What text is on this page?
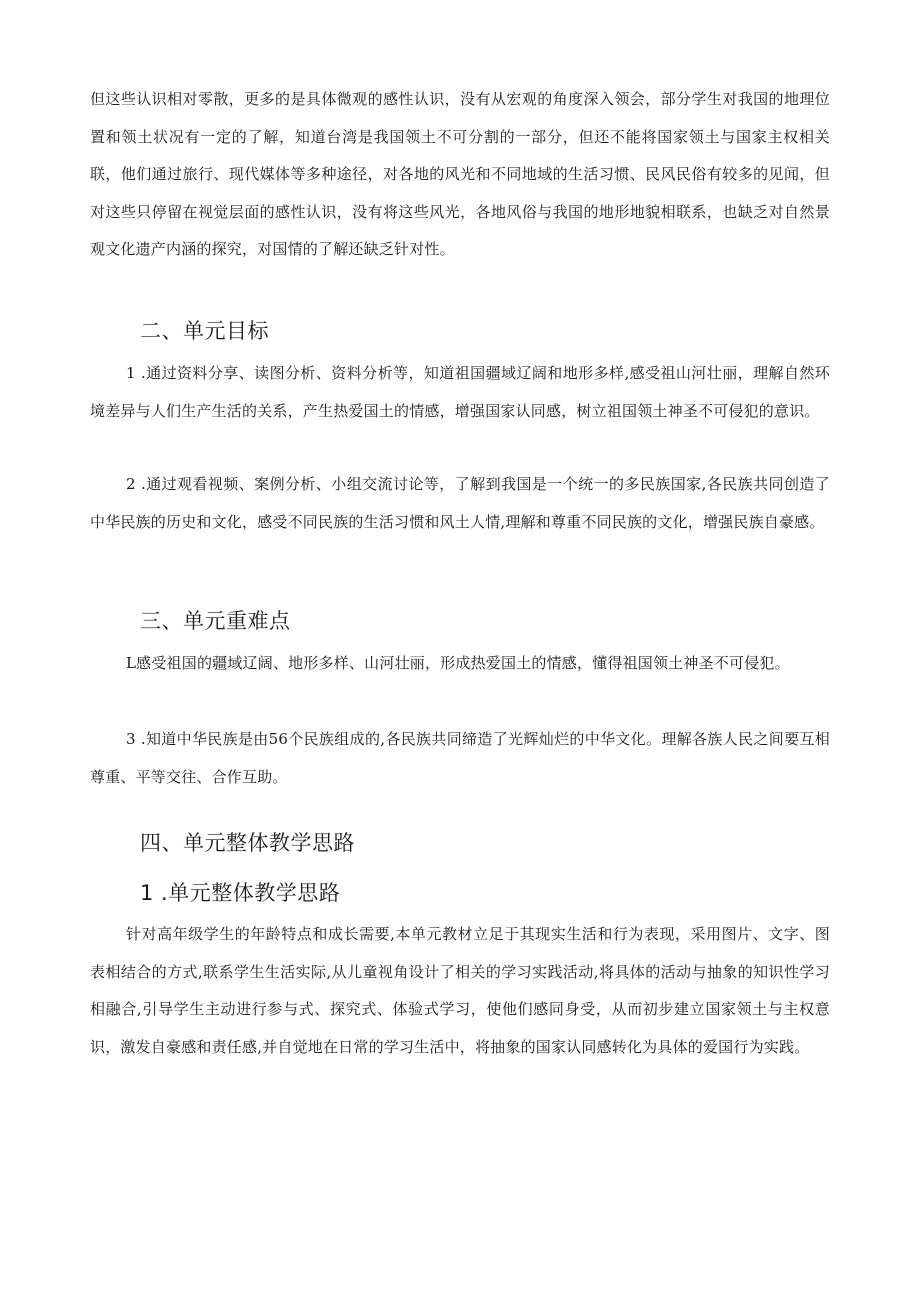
但这些认识相对零散，更多的是具体微观的感性认识，没有从宏观的角度深入领会，部分学生对我国的地理位置和领土状况有一定的了解，知道台湾是我国领土不可分割的一部分，但还不能将国家领土与国家主权相关联，他们通过旅行、现代媒体等多种途径，对各地的风光和不同地域的生活习惯、民风民俗有较多的见闻，但对这些只停留在视觉层面的感性认识，没有将这些风光，各地风俗与我国的地形地貌相联系，也缺乏对自然景观文化遗产内涵的探究，对国情的了解还缺乏针对性。

二、单元目标

1 .通过资料分享、读图分析、资料分析等，知道祖国疆域辽阔和地形多样,感受祖山河壮丽，理解自然环境差异与人们生产生活的关系，产生热爱国土的情感，增强国家认同感，树立祖国领土神圣不可侵犯的意识。

2 .通过观看视频、案例分析、小组交流讨论等，了解到我国是一个统一的多民族国家,各民族共同创造了中华民族的历史和文化，感受不同民族的生活习惯和风土人情,理解和尊重不同民族的文化，增强民族自豪感。

三、单元重难点

L感受祖国的疆域辽阔、地形多样、山河壮丽，形成热爱国土的情感，懂得祖国领土神圣不可侵犯。

3 .知道中华民族是由56个民族组成的,各民族共同缔造了光辉灿烂的中华文化。理解各族人民之间要互相尊重、平等交往、合作互助。

四、单元整体教学思路
1 .单元整体教学思路

针对高年级学生的年龄特点和成长需要,本单元教材立足于其现实生活和行为表现，采用图片、文字、图表相结合的方式,联系学生生活实际,从儿童视角设计了相关的学习实践活动,将具体的活动与抽象的知识性学习相融合,引导学生主动进行参与式、探究式、体验式学习，使他们感同身受，从而初步建立国家领土与主权意识，激发自豪感和责任感,并自觉地在日常的学习生活中，将抽象的国家认同感转化为具体的爱国行为实践。
